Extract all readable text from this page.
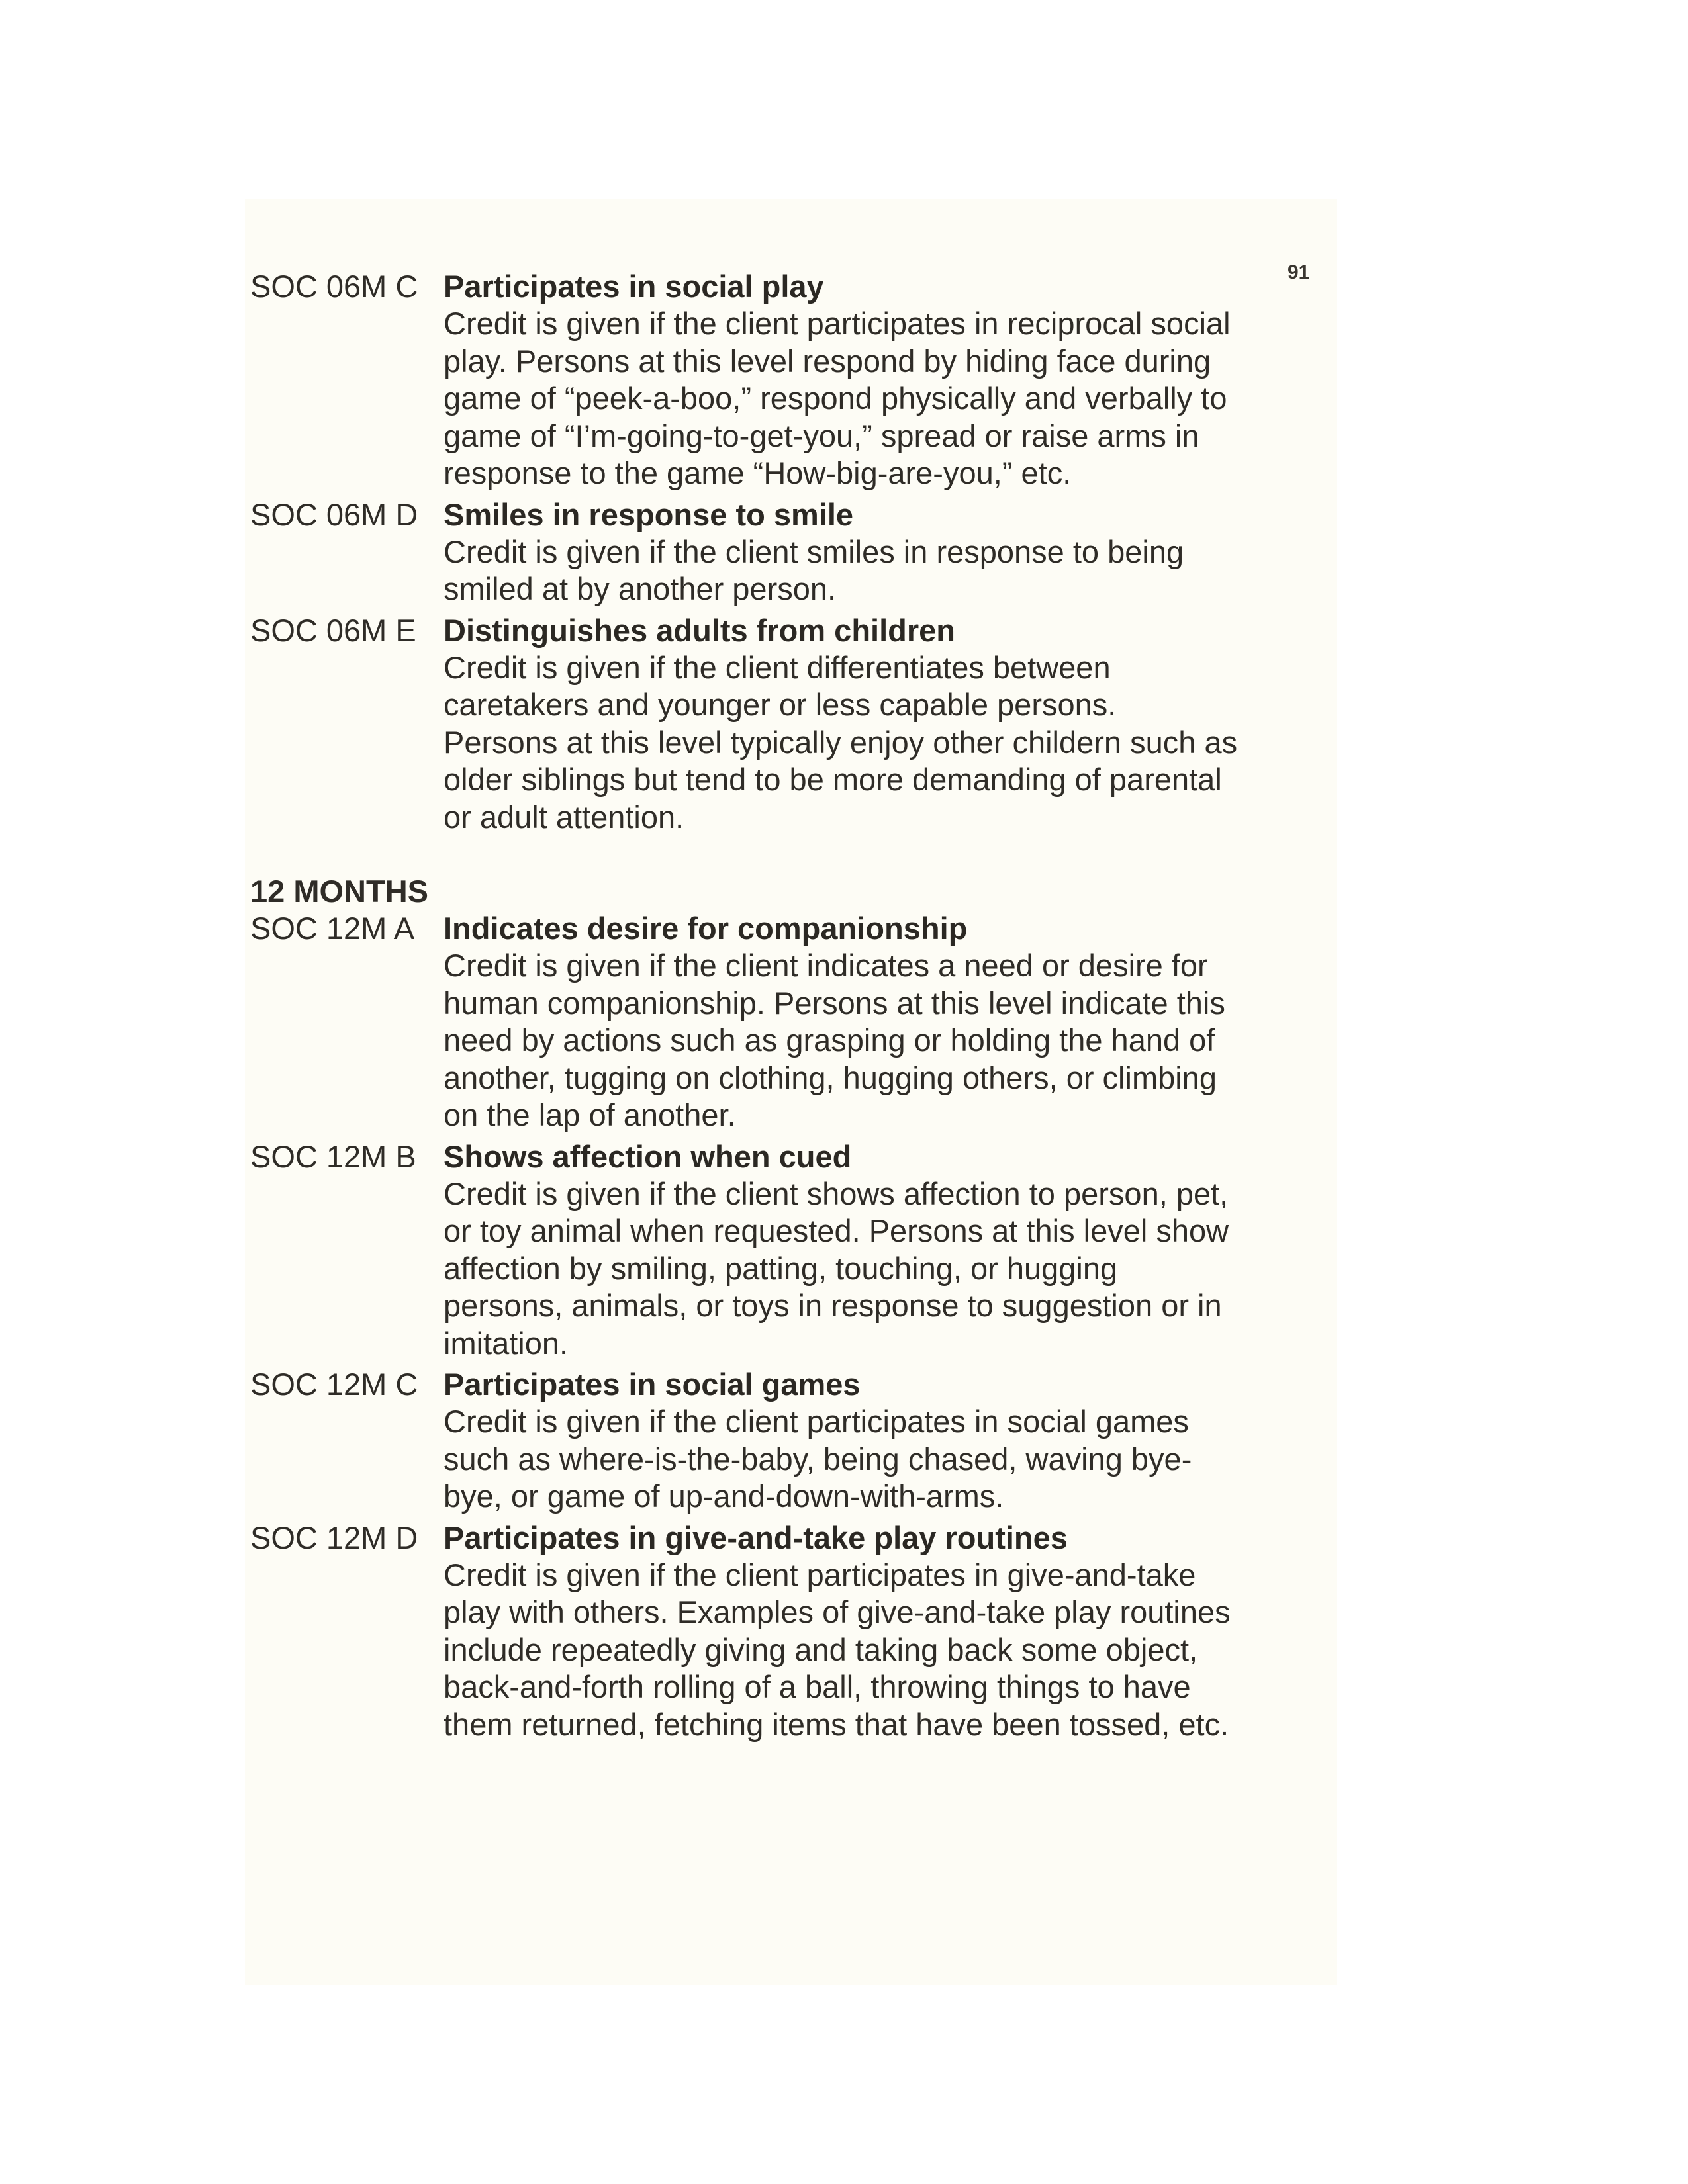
91
SOC 06M C Participates in social play
Credit is given if the client participates in reciprocal social play. Persons at this level respond by hiding face during game of “peek-a-boo,” respond physically and verbally to game of “I’m-going-to-get-you,” spread or raise arms in response to the game “How-big-are-you,” etc.
SOC 06M D Smiles in response to smile
Credit is given if the client smiles in response to being smiled at by another person.
SOC 06M E Distinguishes adults from children
Credit is given if the client differentiates between caretakers and younger or less capable persons. Persons at this level typically enjoy other childern such as older siblings but tend to be more demanding of parental or adult attention.
12 MONTHS
SOC 12M A Indicates desire for companionship
Credit is given if the client indicates a need or desire for human companionship. Persons at this level indicate this need by actions such as grasping or holding the hand of another, tugging on clothing, hugging others, or climbing on the lap of another.
SOC 12M B Shows affection when cued
Credit is given if the client shows affection to person, pet, or toy animal when requested. Persons at this level show affection by smiling, patting, touching, or hugging persons, animals, or toys in response to suggestion or in imitation.
SOC 12M C Participates in social games
Credit is given if the client participates in social games such as where-is-the-baby, being chased, waving bye-bye, or game of up-and-down-with-arms.
SOC 12M D Participates in give-and-take play routines
Credit is given if the client participates in give-and-take play with others. Examples of give-and-take play routines include repeatedly giving and taking back some object, back-and-forth rolling of a ball, throwing things to have them returned, fetching items that have been tossed, etc.
